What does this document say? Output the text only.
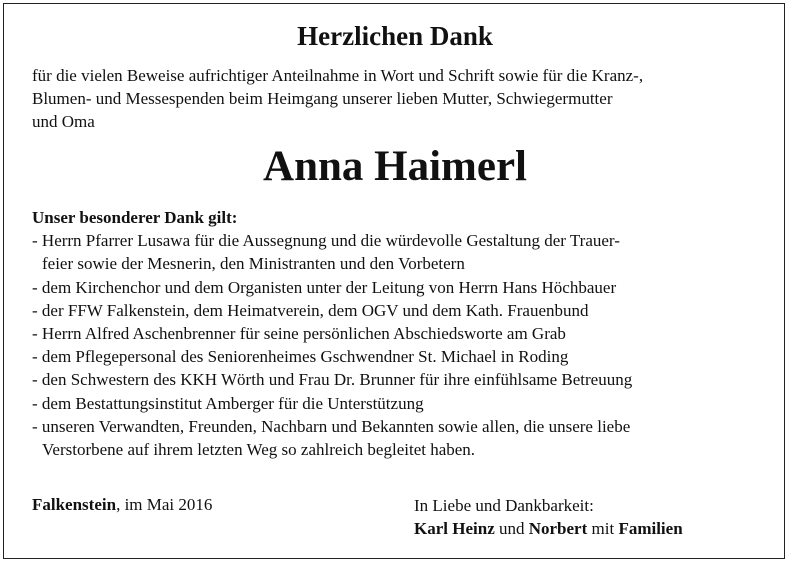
Herzlichen Dank
für die vielen Beweise aufrichtiger Anteilnahme in Wort und Schrift sowie für die Kranz-,
Blumen- und Messespenden beim Heimgang unserer lieben Mutter, Schwiegermutter
und Oma
Anna Haimerl
Unser besonderer Dank gilt:
- Herrn Pfarrer Lusawa für die Aussegnung und die würdevolle Gestaltung der Trauer-
feier sowie der Mesnerin, den Ministranten und den Vorbetern
- dem Kirchenchor und dem Organisten unter der Leitung von Herrn Hans Höchbauer
- der FFW Falkenstein, dem Heimatverein, dem OGV und dem Kath. Frauenbund
- Herrn Alfred Aschenbrenner für seine persönlichen Abschiedsworte am Grab
- dem Pflegepersonal des Seniorenheimes Gschwendner St. Michael in Roding
- den Schwestern des KKH Wörth und Frau Dr. Brunner für ihre einfühlsame Betreuung
- dem Bestattungsinstitut Amberger für die Unterstützung
- unseren Verwandten, Freunden, Nachbarn und Bekannten sowie allen, die unsere liebe
Verstorbene auf ihrem letzten Weg so zahlreich begleitet haben.
Falkenstein, im Mai 2016	In Liebe und Dankbarkeit:
Karl Heinz und Norbert mit Familien
